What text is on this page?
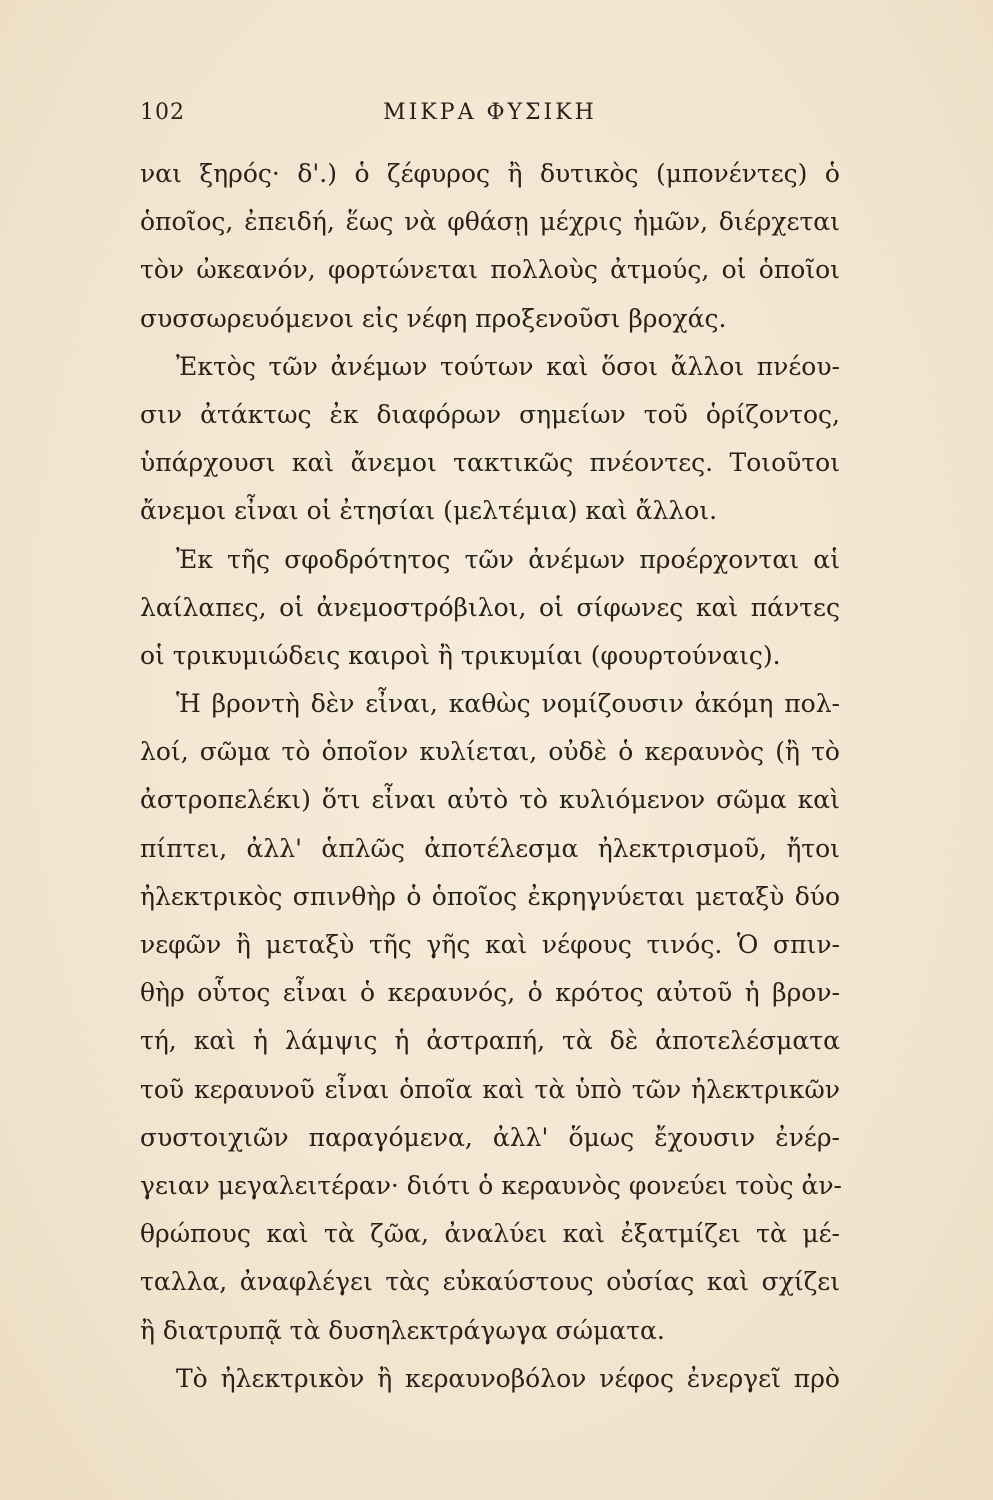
102	ΜΙΚΡΑ ΦΥΣΙΚΗ
ναι ξηρός· δ'.) ὁ ζέφυρος ἢ δυτικὸς (μπονέντες) ὁ
ὁποῖος, ἐπειδή, ἕως νὰ φθάσῃ μέχρις ἡμῶν, διέρχεται
τὸν ὠκεανόν, φορτώνεται πολλοὺς ἀτμούς, οἱ ὁποῖοι
συσσωρευόμενοι εἰς νέφη προξενοῦσι βροχάς.
Ἐκτὸς τῶν ἀνέμων τούτων καὶ ὅσοι ἄλλοι πνέου-
σιν ἀτάκτως ἐκ διαφόρων σημείων τοῦ ὁρίζοντος,
ὑπάρχουσι καὶ ἄνεμοι τακτικῶς πνέοντες. Τοιοῦτοι
ἄνεμοι εἶναι οἱ ἐτησίαι (μελτέμια) καὶ ἄλλοι.
Ἐκ τῆς σφοδρότητος τῶν ἀνέμων προέρχονται αἱ
λαίλαπες, οἱ ἀνεμοστρόβιλοι, οἱ σίφωνες καὶ πάντες
οἱ τρικυμιώδεις καιροὶ ἢ τρικυμίαι (φουρτούναις).
Ἡ βροντὴ δὲν εἶναι, καθὼς νομίζουσιν ἀκόμη πολ-
λοί, σῶμα τὸ ὁποῖον κυλίεται, οὐδὲ ὁ κεραυνὸς (ἢ τὸ
ἀστροπελέκι) ὅτι εἶναι αὐτὸ τὸ κυλιόμενον σῶμα καὶ
πίπτει, ἀλλ' ἁπλῶς ἀποτέλεσμα ἠλεκτρισμοῦ, ἤτοι
ἠλεκτρικὸς σπινθὴρ ὁ ὁποῖος ἐκρηγνύεται μεταξὺ δύο
νεφῶν ἢ μεταξὺ τῆς γῆς καὶ νέφους τινός. Ὁ σπιν-
θὴρ οὗτος εἶναι ὁ κεραυνός, ὁ κρότος αὐτοῦ ἡ βρον-
τή, καὶ ἡ λάμψις ἡ ἀστραπή, τὰ δὲ ἀποτελέσματα
τοῦ κεραυνοῦ εἶναι ὁποῖα καὶ τὰ ὑπὸ τῶν ἠλεκτρικῶν
συστοιχιῶν παραγόμενα, ἀλλ' ὅμως ἔχουσιν ἐνέρ-
γειαν μεγαλειτέραν· διότι ὁ κεραυνὸς φονεύει τοὺς ἀν-
θρώπους καὶ τὰ ζῶα, ἀναλύει καὶ ἐξατμίζει τὰ μέ-
ταλλα, ἀναφλέγει τὰς εὐκαύστους οὐσίας καὶ σχίζει
ἢ διατρυπᾷ τὰ δυσηλεκτράγωγα σώματα.
Τὸ ἠλεκτρικὸν ἢ κεραυνοβόλον νέφος ἐνεργεῖ πρὸ
